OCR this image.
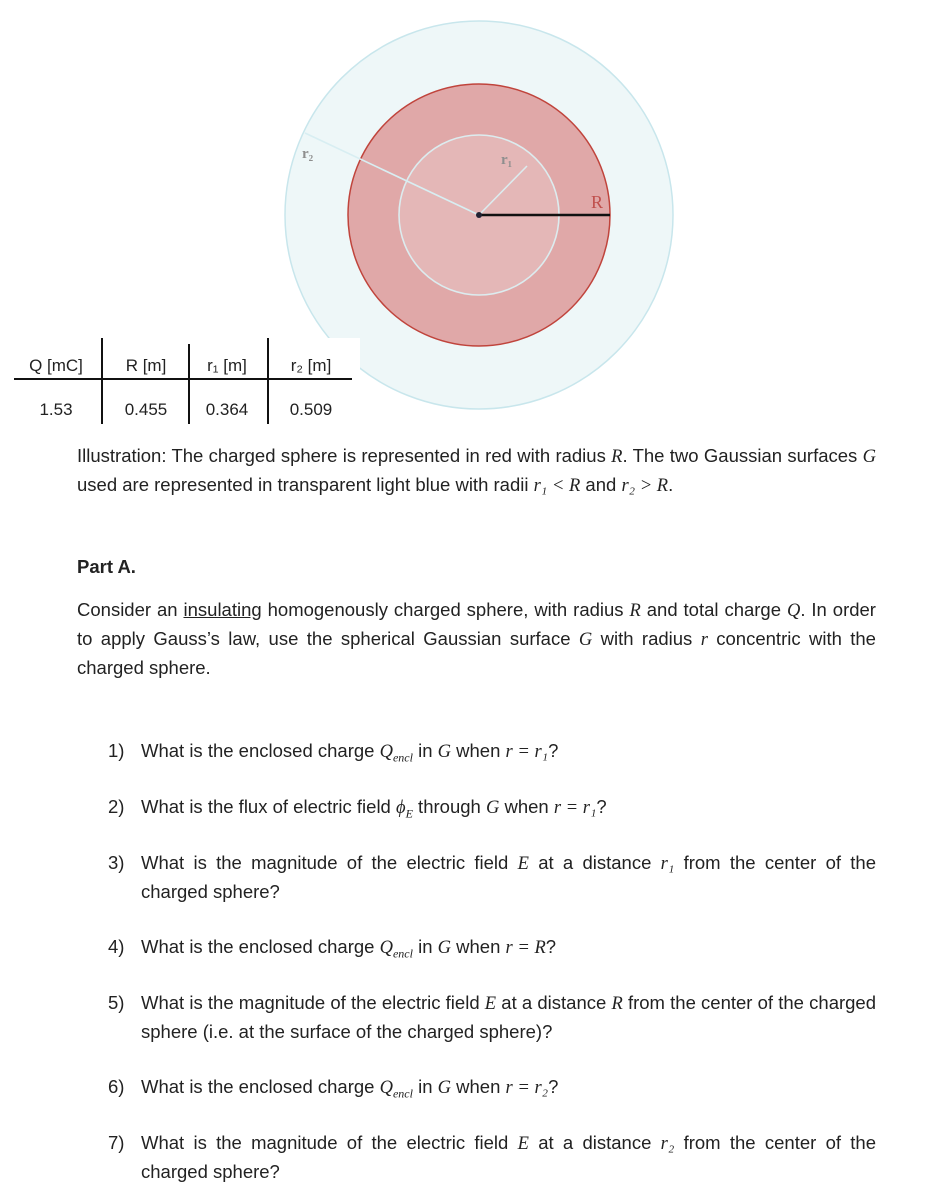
r₂	r₁
R
Q [mC]	R [m]	r₁ [m]	r₂ [m]
1.53	0.455	0.364	0.509

Illustration: The charged sphere is represented in red with radius R. The two Gaussian surfaces G used are represented in transparent light blue with radii r₁ < R and r₂ > R.

Part A.

Consider an insulating homogenously charged sphere, with radius R and total charge Q. In order to apply Gauss’s law, use the spherical Gaussian surface G with radius r concentric with the charged sphere.

1) What is the enclosed charge $Q_{encl}$ in G when r = r₁?
2) What is the flux of electric field $\phi_E$ through G when r = r₁?
3) What is the magnitude of the electric field E at a distance r₁ from the center of the charged sphere?
4) What is the enclosed charge $Q_{encl}$ in G when r = R?
5) What is the magnitude of the electric field E at a distance R from the center of the charged sphere (i.e. at the surface of the charged sphere)?
6) What is the enclosed charge $Q_{encl}$ in G when r = r₂?
7) What is the magnitude of the electric field E at a distance r₂ from the center of the charged sphere?
